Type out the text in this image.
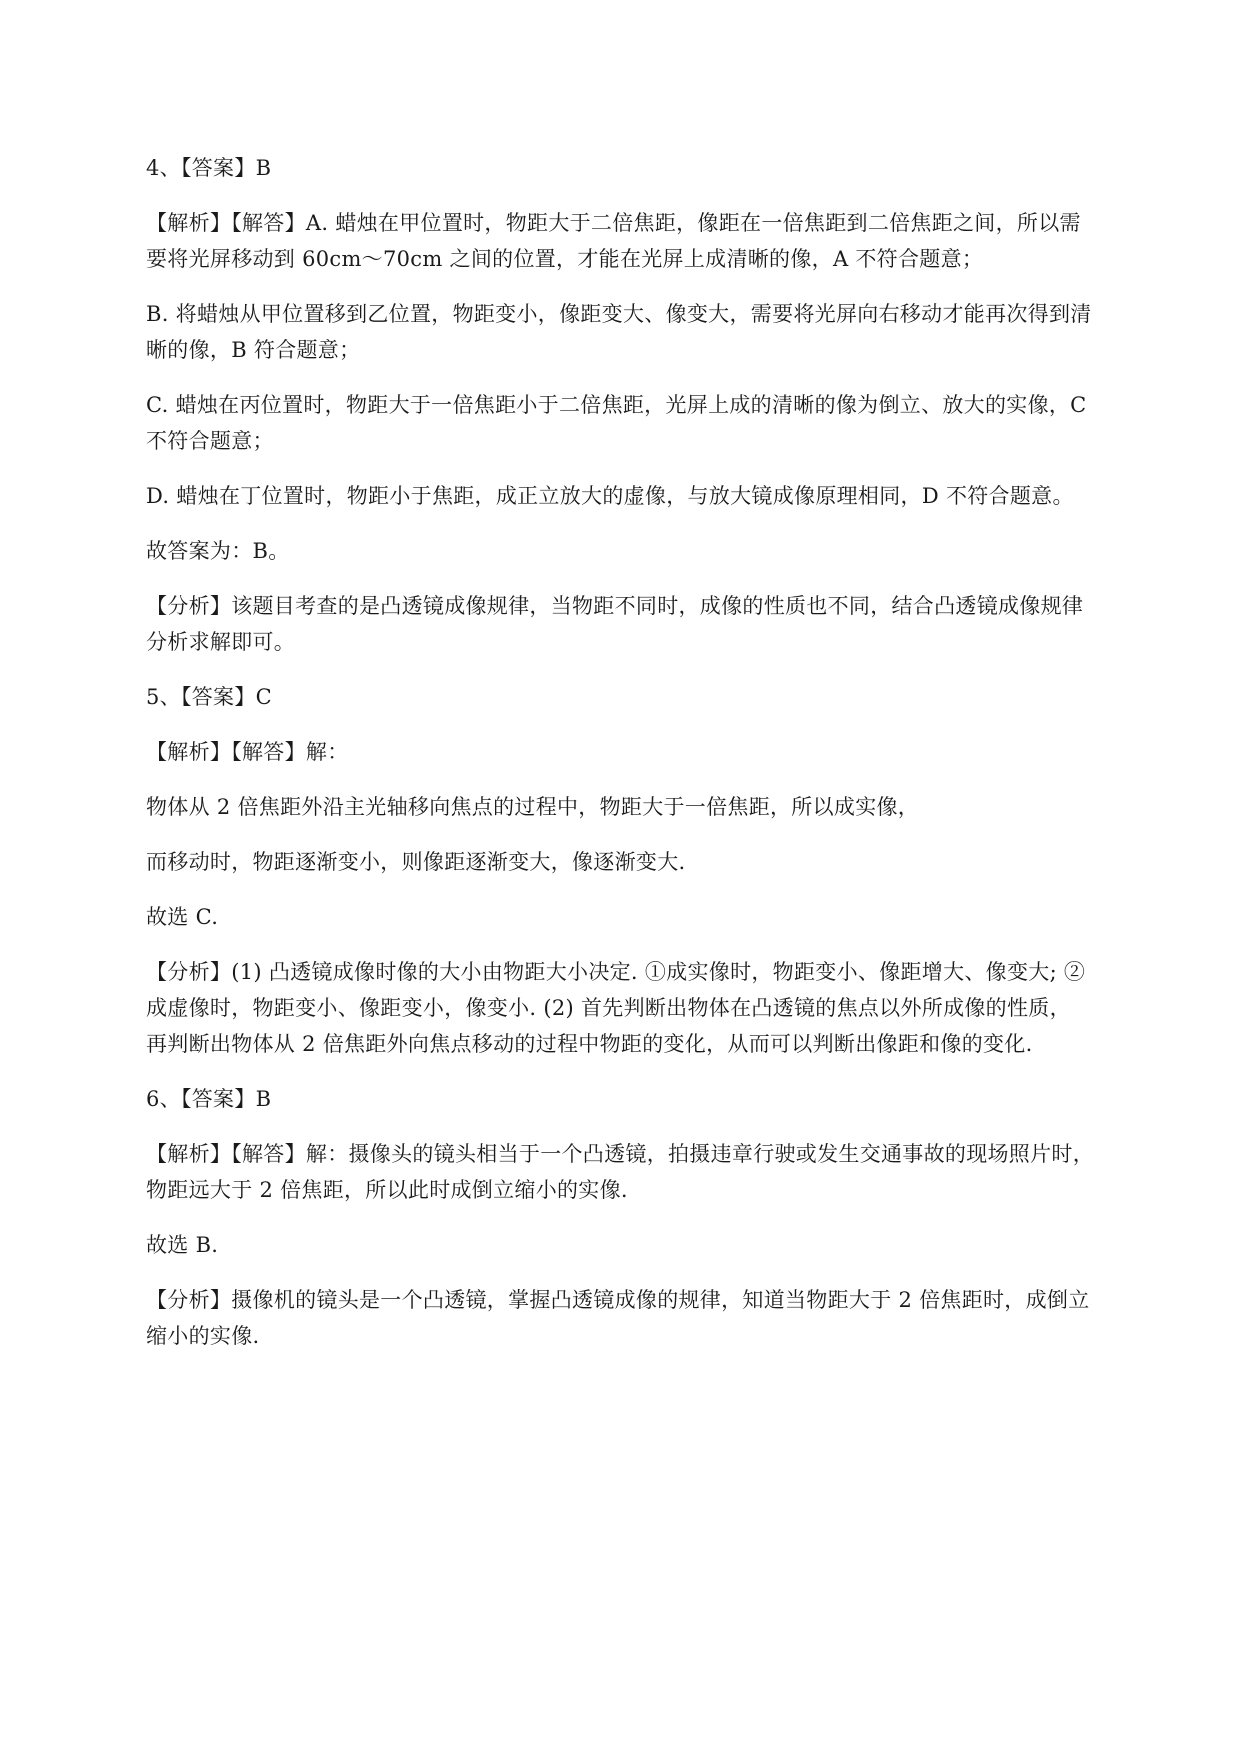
4、【答案】B

【解析】【解答】A. 蜡烛在甲位置时，物距大于二倍焦距，像距在一倍焦距到二倍焦距之间，所以需

要将光屏移动到 60cm～70cm 之间的位置，才能在光屏上成清晰的像，A 不符合题意；

B. 将蜡烛从甲位置移到乙位置，物距变小，像距变大、像变大，需要将光屏向右移动才能再次得到清

晰的像，B 符合题意；

C. 蜡烛在丙位置时，物距大于一倍焦距小于二倍焦距，光屏上成的清晰的像为倒立、放大的实像，C

不符合题意；

D. 蜡烛在丁位置时，物距小于焦距，成正立放大的虚像，与放大镜成像原理相同，D 不符合题意。

故答案为：B。

【分析】该题目考查的是凸透镜成像规律，当物距不同时，成像的性质也不同，结合凸透镜成像规律

分析求解即可。

5、【答案】C

【解析】【解答】解：

物体从 2 倍焦距外沿主光轴移向焦点的过程中，物距大于一倍焦距，所以成实像，

而移动时，物距逐渐变小，则像距逐渐变大，像逐渐变大.

故选 C.

【分析】(1) 凸透镜成像时像的大小由物距大小决定. ①成实像时，物距变小、像距增大、像变大; ②

成虚像时，物距变小、像距变小，像变小. (2) 首先判断出物体在凸透镜的焦点以外所成像的性质，

再判断出物体从 2 倍焦距外向焦点移动的过程中物距的变化，从而可以判断出像距和像的变化.

6、【答案】B

【解析】【解答】解：摄像头的镜头相当于一个凸透镜，拍摄违章行驶或发生交通事故的现场照片时，

物距远大于 2 倍焦距，所以此时成倒立缩小的实像.

故选 B.

【分析】摄像机的镜头是一个凸透镜，掌握凸透镜成像的规律，知道当物距大于 2 倍焦距时，成倒立

缩小的实像.
